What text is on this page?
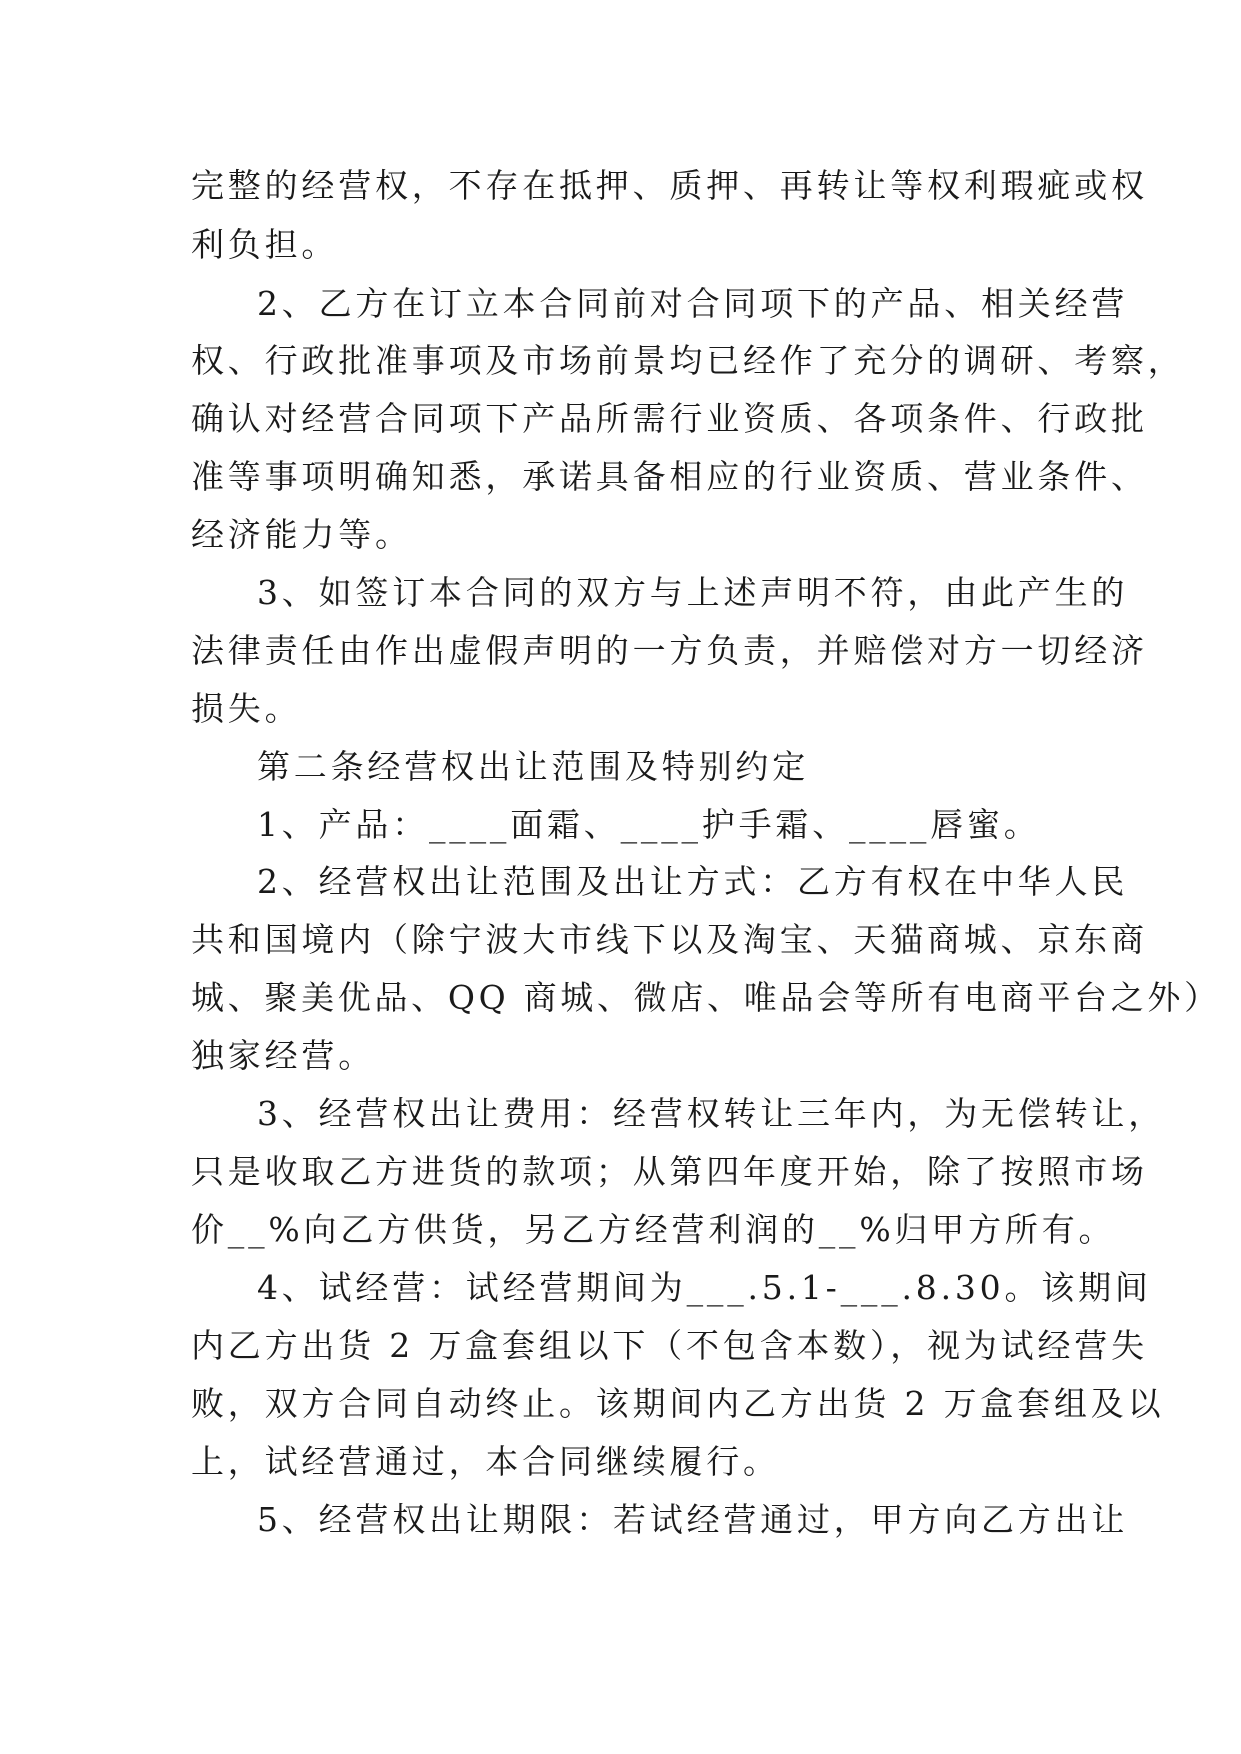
完整的经营权，不存在抵押、质押、再转让等权利瑕疵或权
利负担。
2、乙方在订立本合同前对合同项下的产品、相关经营
权、行政批准事项及市场前景均已经作了充分的调研、考察，
确认对经营合同项下产品所需行业资质、各项条件、行政批
准等事项明确知悉，承诺具备相应的行业资质、营业条件、
经济能力等。
3、如签订本合同的双方与上述声明不符，由此产生的
法律责任由作出虚假声明的一方负责，并赔偿对方一切经济
损失。
第二条经营权出让范围及特别约定
1、产品：____面霜、____护手霜、____唇蜜。
2、经营权出让范围及出让方式：乙方有权在中华人民
共和国境内（除宁波大市线下以及淘宝、天猫商城、京东商
城、聚美优品、QQ 商城、微店、唯品会等所有电商平台之外）
独家经营。
3、经营权出让费用：经营权转让三年内，为无偿转让，
只是收取乙方进货的款项；从第四年度开始，除了按照市场
价__%向乙方供货，另乙方经营利润的__%归甲方所有。
4、试经营：试经营期间为___.5.1-___.8.30。该期间
内乙方出货 2 万盒套组以下（不包含本数），视为试经营失
败，双方合同自动终止。该期间内乙方出货 2 万盒套组及以
上，试经营通过，本合同继续履行。
5、经营权出让期限：若试经营通过，甲方向乙方出让
